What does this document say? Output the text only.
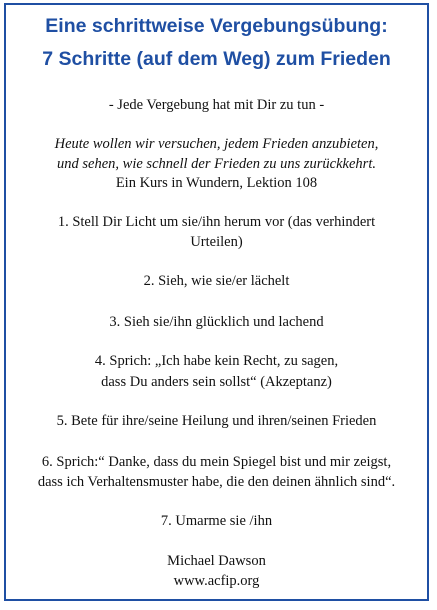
Eine schrittweise Vergebungsübung:
7 Schritte (auf dem Weg) zum Frieden
- Jede Vergebung hat mit Dir zu tun -
Heute wollen wir versuchen, jedem Frieden anzubieten,
und sehen, wie schnell der Frieden zu uns zurückkehrt.
Ein Kurs in Wundern, Lektion 108
1. Stell Dir Licht um sie/ihn herum vor (das verhindert
Urteilen)
2. Sieh, wie sie/er lächelt
3. Sieh sie/ihn glücklich und lachend
4. Sprich: „Ich habe kein Recht, zu sagen,
dass Du anders sein sollst“ (Akzeptanz)
5. Bete für ihre/seine Heilung und ihren/seinen Frieden
6. Sprich:“ Danke, dass du mein Spiegel bist und mir zeigst,
dass ich Verhaltensmuster habe, die den deinen ähnlich sind“.
7. Umarme sie /ihn
Michael Dawson
www.acfip.org
